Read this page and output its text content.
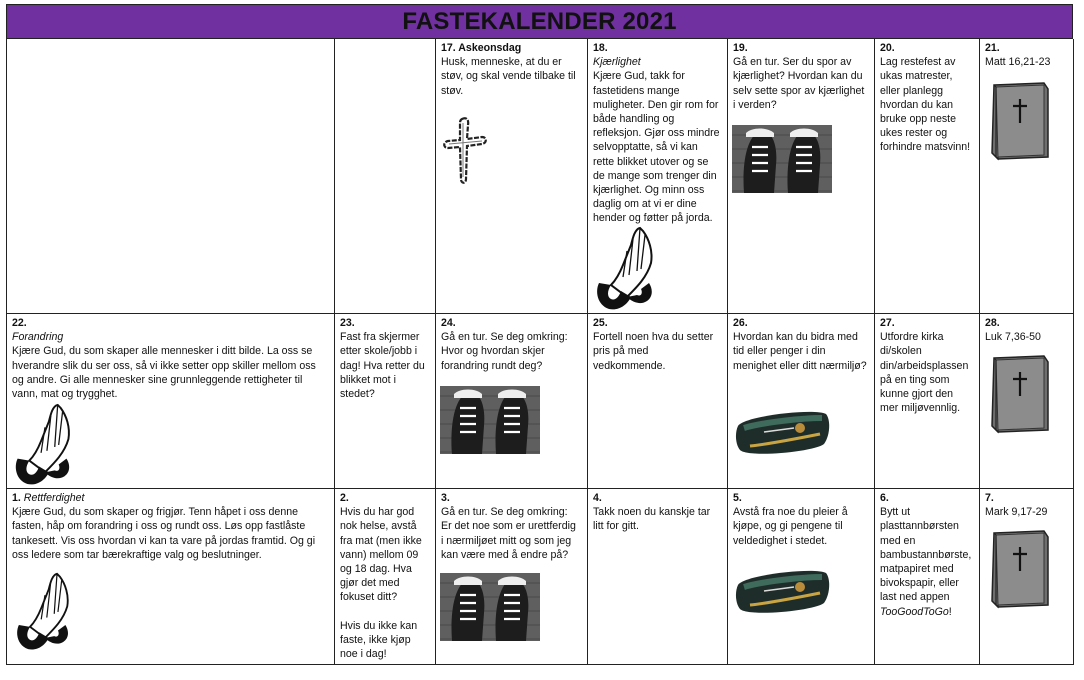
FASTEKALENDER 2021
17. Askeonsdag
Husk, menneske, at du er støv, og skal vende tilbake til støv.
18.
Kjærlighet
Kjære Gud, takk for fastetidens mange muligheter. Den gir rom for både handling og refleksjon. Gjør oss mindre selvopptatte, så vi kan rette blikket utover og se de mange som trenger din kjærlighet. Og minn oss daglig om at vi er dine hender og føtter på jorda.
19.
Gå en tur. Ser du spor av kjærlighet? Hvordan kan du selv sette spor av kjærlighet i verden?
20.
Lag restefest av ukas matrester, eller planlegg hvordan du kan bruke opp neste ukes rester og forhindre matsvinn!
21.
Matt 16,21-23
22.
Forandring
Kjære Gud, du som skaper alle mennesker i ditt bilde. La oss se hverandre slik du ser oss, så vi ikke setter opp skiller mellom oss og andre. Gi alle mennesker sine grunnleggende rettigheter til vann, mat og trygghet.
23.
Fast fra skjermer etter skole/jobb i dag! Hva retter du blikket mot i stedet?
24.
Gå en tur. Se deg omkring: Hvor og hvordan skjer forandring rundt deg?
25.
Fortell noen hva du setter pris på med vedkommende.
26.
Hvordan kan du bidra med tid eller penger i din menighet eller ditt nærmiljø?
27.
Utfordre kirka di/skolen din/arbeidsplassen på en ting som kunne gjort den mer miljøvennlig.
28.
Luk 7,36-50
1. Rettferdighet
Kjære Gud, du som skaper og frigjør. Tenn håpet i oss denne fasten, håp om forandring i oss og rundt oss. Løs opp fastlåste tankesett. Vis oss hvordan vi kan ta vare på jordas framtid. Og gi oss ledere som tar bærekraftige valg og beslutninger.
2.
Hvis du har god nok helse, avstå fra mat (men ikke vann) mellom 09 og 18 dag. Hva gjør det med fokuset ditt?
Hvis du ikke kan faste, ikke kjøp noe i dag!
3.
Gå en tur. Se deg omkring: Er det noe som er urettferdig i nærmiljøet mitt og som jeg kan være med å endre på?
4.
Takk noen du kanskje tar litt for gitt.
5.
Avstå fra noe du pleier å kjøpe, og gi pengene til veldedighet i stedet.
6.
Bytt ut plasttannbørsten med en bambustannbørste, matpapiret med bivokspapir, eller last ned appen TooGoodToGo!
7.
Mark 9,17-29
